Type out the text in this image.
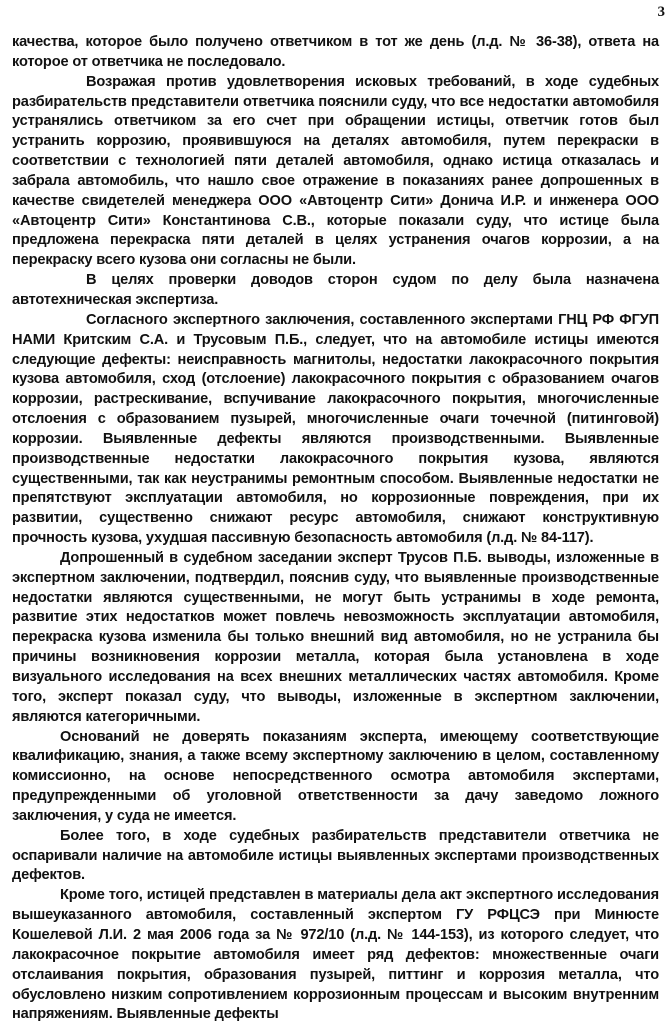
3

качества, которое было получено ответчиком в тот же день (л.д. № 36-38), ответа на которое от ответчика не последовало.

Возражая против удовлетворения исковых требований, в ходе судебных разбирательств представители ответчика пояснили суду, что все недостатки автомобиля устранялись ответчиком за его счет при обращении истицы, ответчик готов был устранить коррозию, проявившуюся на деталях автомобиля, путем перекраски в соответствии с технологией пяти деталей автомобиля, однако истица отказалась и забрала автомобиль, что нашло свое отражение в показаниях ранее допрошенных в качестве свидетелей менеджера ООО «Автоцентр Сити» Донича И.Р. и инженера ООО «Автоцентр Сити» Константинова С.В., которые показали суду, что истице была предложена перекраска пяти деталей в целях устранения очагов коррозии, а на перекраску всего кузова они согласны не были.

В целях проверки доводов сторон судом по делу была назначена автотехническая экспертиза.

Согласного экспертного заключения, составленного экспертами ГНЦ РФ ФГУП НАМИ Критским С.А. и Трусовым П.Б., следует, что на автомобиле истицы имеются следующие дефекты: неисправность магнитолы, недостатки лакокрасочного покрытия кузова автомобиля, сход (отслоение) лакокрасочного покрытия с образованием очагов коррозии, растрескивание, вспучивание лакокрасочного покрытия, многочисленные отслоения с образованием пузырей, многочисленные очаги точечной (питинговой) коррозии. Выявленные дефекты являются производственными. Выявленные производственные недостатки лакокрасочного покрытия кузова, являются существенными, так как неустранимы ремонтным способом. Выявленные недостатки не препятствуют эксплуатации автомобиля, но коррозионные повреждения, при их развитии, существенно снижают ресурс автомобиля, снижают конструктивную прочность кузова, ухудшая пассивную безопасность автомобиля (л.д. № 84-117).

Допрошенный в судебном заседании эксперт Трусов П.Б. выводы, изложенные в экспертном заключении, подтвердил, пояснив суду, что выявленные производственные недостатки являются существенными, не могут быть устранимы в ходе ремонта, развитие этих недостатков может повлечь невозможность эксплуатации автомобиля, перекраска кузова изменила бы только внешний вид автомобиля, но не устранила бы причины возникновения коррозии металла, которая была установлена в ходе визуального исследования на всех внешних металлических частях автомобиля. Кроме того, эксперт показал суду, что выводы, изложенные в экспертном заключении, являются категоричными.

Оснований не доверять показаниям эксперта, имеющему соответствующие квалификацию, знания, а также всему экспертному заключению в целом, составленному комиссионно, на основе непосредственного осмотра автомобиля экспертами, предупрежденными об уголовной ответственности за дачу заведомо ложного заключения, у суда не имеется.

Более того, в ходе судебных разбирательств представители ответчика не оспаривали наличие на автомобиле истицы выявленных экспертами производственных дефектов.

Кроме того, истицей представлен в материалы дела акт экспертного исследования вышеуказанного автомобиля, составленный экспертом ГУ РФЦСЭ при Минюсте Кошелевой Л.И. 2 мая 2006 года за № 972/10 (л.д. № 144-153), из которого следует, что лакокрасочное покрытие автомобиля имеет ряд дефектов: множественные очаги отслаивания покрытия, образования пузырей, питтинг и коррозия металла, что обусловлено низким сопротивлением коррозионным процессам и высоким внутренним напряжениям. Выявленные дефекты
